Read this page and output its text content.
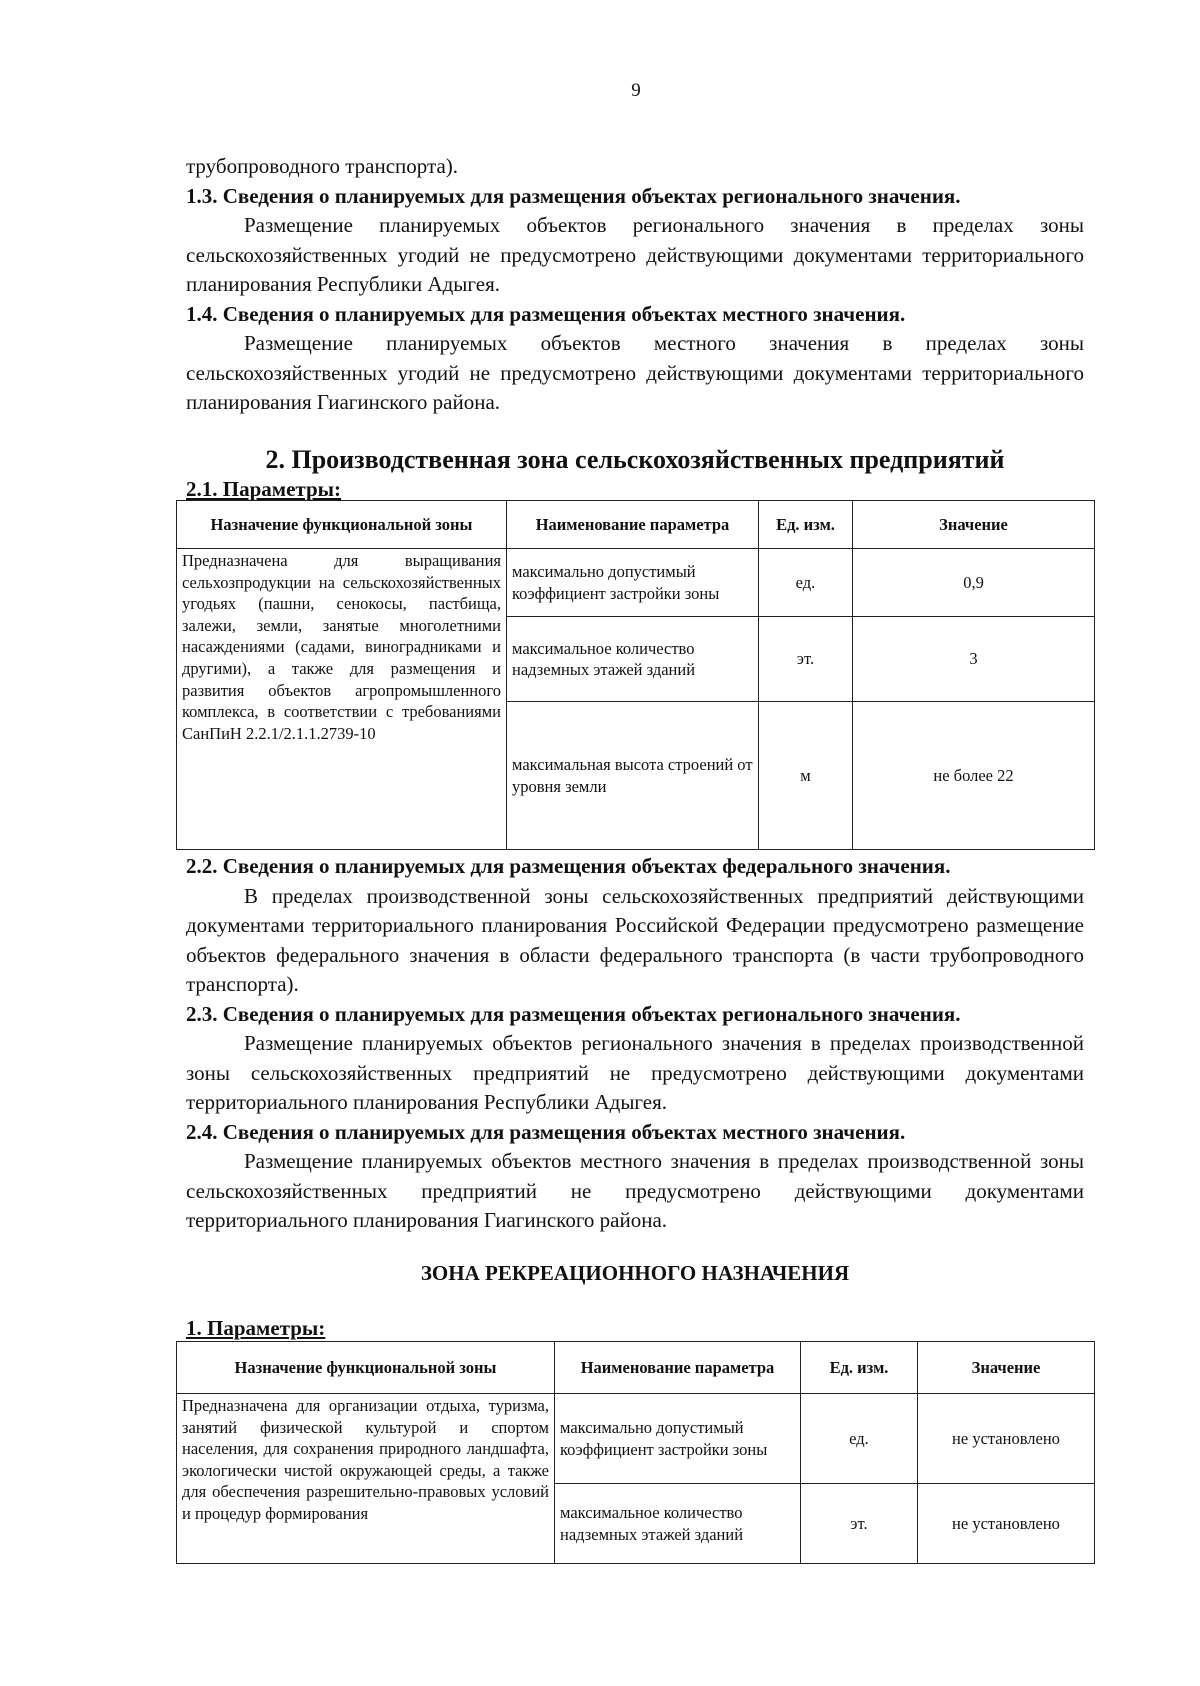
9

трубопроводного транспорта).

1.3. Сведения о планируемых для размещения объектах регионального значения.

Размещение планируемых объектов регионального значения в пределах зоны сельскохозяйственных угодий не предусмотрено действующими документами территориального планирования Республики Адыгея.

1.4. Сведения о планируемых для размещения объектах местного значения.

Размещение планируемых объектов местного значения в пределах зоны сельскохозяйственных угодий не предусмотрено действующими документами территориального планирования Гиагинского района.

2. Производственная зона сельскохозяйственных предприятий
2.1. Параметры:
Назначение функциональной зоны	Наименование параметра	Ед. изм.	Значение
Предназначена для выращивания сельхозпродукции на сельскохозяйственных угодьях (пашни, сенокосы, пастбища, залежи, земли, занятые многолетними насаждениями (садами, виноградниками и другими), а также для размещения и развития объектов агропромышленного комплекса, в соответствии с требованиями СанПиН 2.2.1/2.1.1.2739-10	максимально допустимый коэффициент застройки зоны	ед.	0,9
	максимальное количество надземных этажей зданий	эт.	3
	максимальная высота строений от уровня земли	м	не более 22

2.2. Сведения о планируемых для размещения объектах федерального значения.

В пределах производственной зоны сельскохозяйственных предприятий действующими документами территориального планирования Российской Федерации предусмотрено размещение объектов федерального значения в области федерального транспорта (в части трубопроводного транспорта).

2.3. Сведения о планируемых для размещения объектах регионального значения.

Размещение планируемых объектов регионального значения в пределах производственной зоны сельскохозяйственных предприятий не предусмотрено действующими документами территориального планирования Республики Адыгея.

2.4. Сведения о планируемых для размещения объектах местного значения.

Размещение планируемых объектов местного значения в пределах производственной зоны сельскохозяйственных предприятий не предусмотрено действующими документами территориального планирования Гиагинского района.

ЗОНА РЕКРЕАЦИОННОГО НАЗНАЧЕНИЯ
1. Параметры:
Назначение функциональной зоны	Наименование параметра	Ед. изм.	Значение
Предназначена для организации отдыха, туризма, занятий физической культурой и спортом населения, для сохранения природного ландшафта, экологически чистой окружающей среды, а также для обеспечения разрешительно-правовых условий и процедур формирования	максимально допустимый коэффициент застройки зоны	ед.	не установлено
	максимальное количество надземных этажей зданий	эт.	не установлено
